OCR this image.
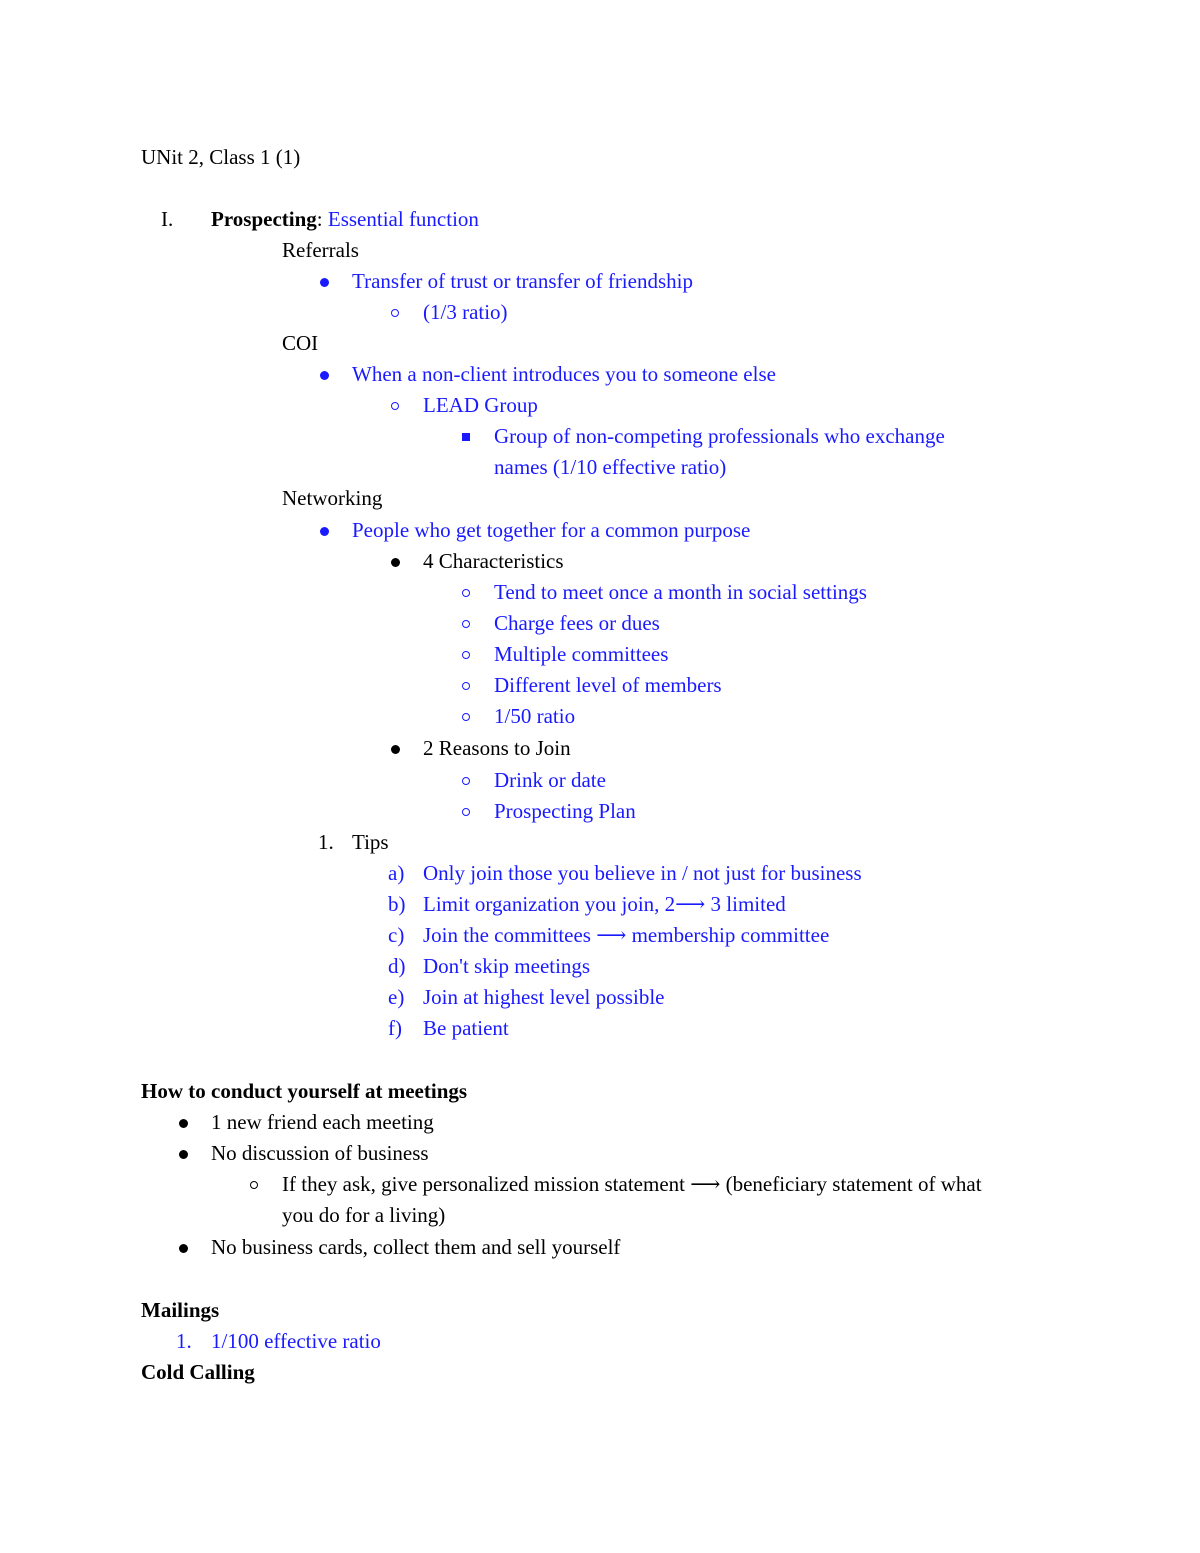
UNit 2, Class 1 (1)
I. Prospecting: Essential function
Referrals
Transfer of trust or transfer of friendship
(1/3 ratio)
COI
When a non-client introduces you to someone else
LEAD Group
Group of non-competing professionals who exchange
names (1/10 effective ratio)
Networking
People who get together for a common purpose
4 Characteristics
Tend to meet once a month in social settings
Charge fees or dues
Multiple committees
Different level of members
1/50 ratio
2 Reasons to Join
Drink or date
Prospecting Plan
1. Tips
a) Only join those you believe in / not just for business
b) Limit organization you join, 2⟶ 3 limited
c) Join the committees ⟶ membership committee
d) Don't skip meetings
e) Join at highest level possible
f) Be patient
How to conduct yourself at meetings
1 new friend each meeting
No discussion of business
If they ask, give personalized mission statement ⟶ (beneficiary statement of what
you do for a living)
No business cards, collect them and sell yourself
Mailings
1. 1/100 effective ratio
Cold Calling
